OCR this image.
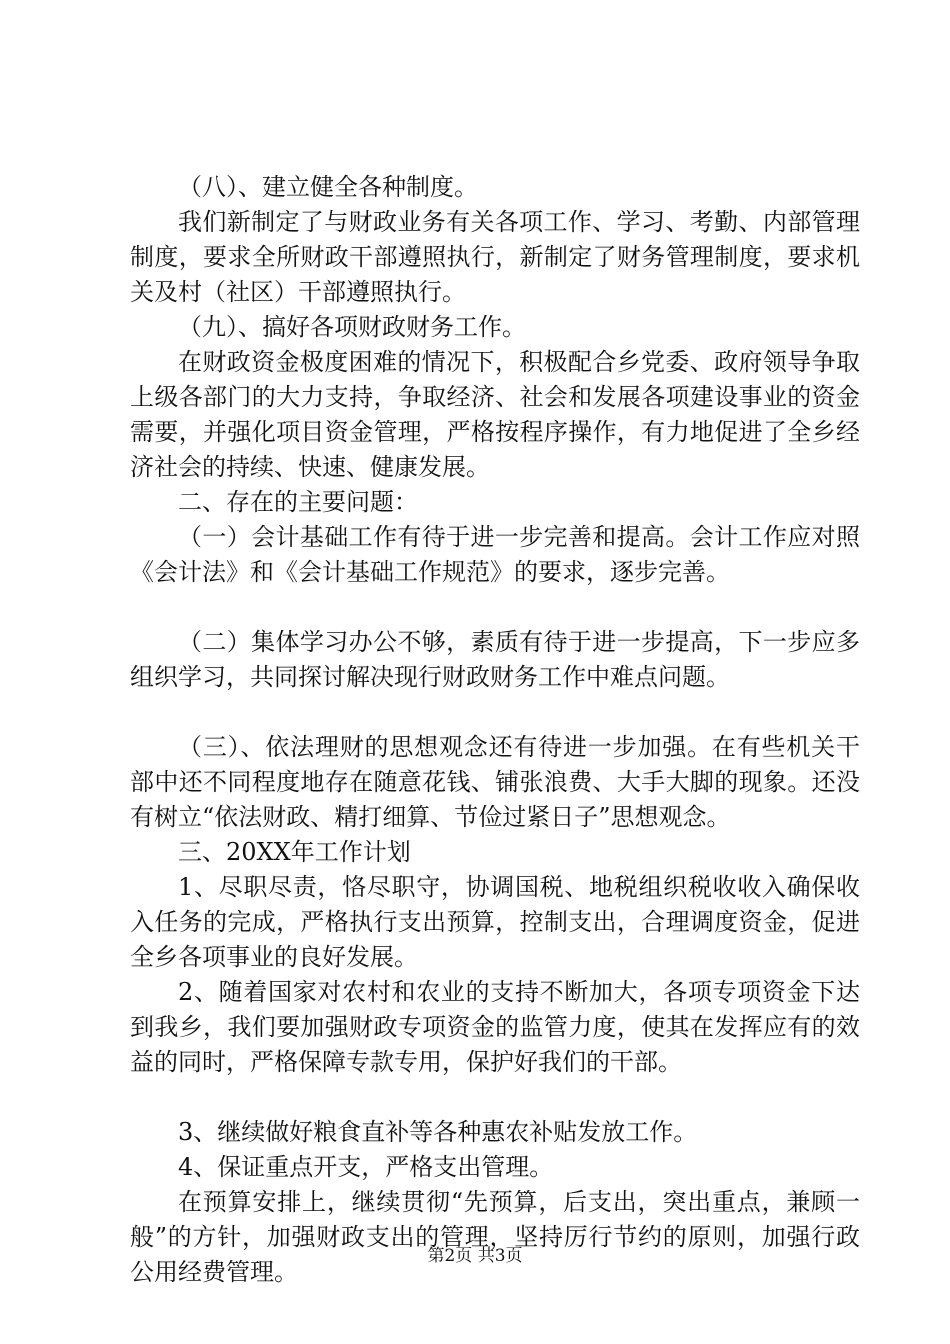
（八）、建立健全各种制度。

我们新制定了与财政业务有关各项工作、学习、考勤、内部管理制度，要求全所财政干部遵照执行，新制定了财务管理制度，要求机关及村（社区）干部遵照执行。

（九）、搞好各项财政财务工作。

在财政资金极度困难的情况下，积极配合乡党委、政府领导争取上级各部门的大力支持，争取经济、社会和发展各项建设事业的资金需要，并强化项目资金管理，严格按程序操作，有力地促进了全乡经济社会的持续、快速、健康发展。

二、存在的主要问题：

（一）会计基础工作有待于进一步完善和提高。会计工作应对照《会计法》和《会计基础工作规范》的要求，逐步完善。

（二）集体学习办公不够，素质有待于进一步提高，下一步应多组织学习，共同探讨解决现行财政财务工作中难点问题。

（三）、依法理财的思想观念还有待进一步加强。在有些机关干部中还不同程度地存在随意花钱、铺张浪费、大手大脚的现象。还没有树立“依法财政、精打细算、节俭过紧日子”思想观念。

三、20XX年工作计划

1、尽职尽责，恪尽职守，协调国税、地税组织税收收入确保收入任务的完成，严格执行支出预算，控制支出，合理调度资金，促进全乡各项事业的良好发展。

2、随着国家对农村和农业的支持不断加大，各项专项资金下达到我乡，我们要加强财政专项资金的监管力度，使其在发挥应有的效益的同时，严格保障专款专用，保护好我们的干部。

3、继续做好粮食直补等各种惠农补贴发放工作。

4、保证重点开支，严格支出管理。

在预算安排上，继续贯彻“先预算，后支出，突出重点，兼顾一般”的方针，加强财政支出的管理，坚持厉行节约的原则，加强行政公用经费管理。

第2页 共3页
